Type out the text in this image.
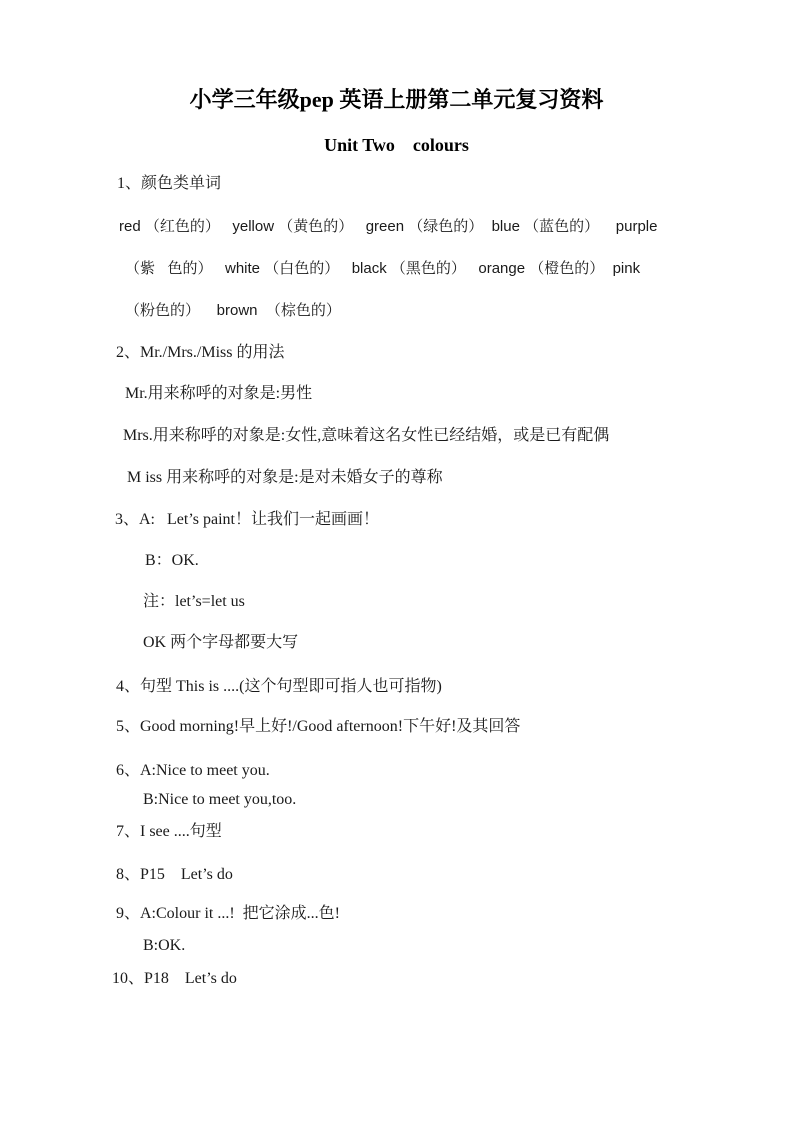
小学三年级pep 英语上册第二单元复习资料
Unit Two    colours
1、颜色类单词
red （红色的）   yellow （黄色的）   green （绿色的）  blue （蓝色的）    purple
（紫   色的）   white （白色的）   black （黑色的）   orange （橙色的）  pink
（粉色的）    brown  （棕色的）
2、Mr./Mrs./Miss 的用法
Mr.用来称呼的对象是:男性
Mrs.用来称呼的对象是:女性,意味着这名女性已经结婚，或是已有配偶
M iss 用来称呼的对象是:是对未婚女子的尊称
3、A:   Let’s paint！让我们一起画画！
B：OK.
注：let’s=let us
OK 两个字母都要大写
4、句型 This is ....(这个句型即可指人也可指物)
5、Good morning!早上好!/Good afternoon!下午好!及其回答
6、A:Nice to meet you.
B:Nice to meet you,too.
7、I see ....句型
8、P15    Let’s do
9、A:Colour it ...!  把它涂成...色!
B:OK.
10、P18    Let’s do
